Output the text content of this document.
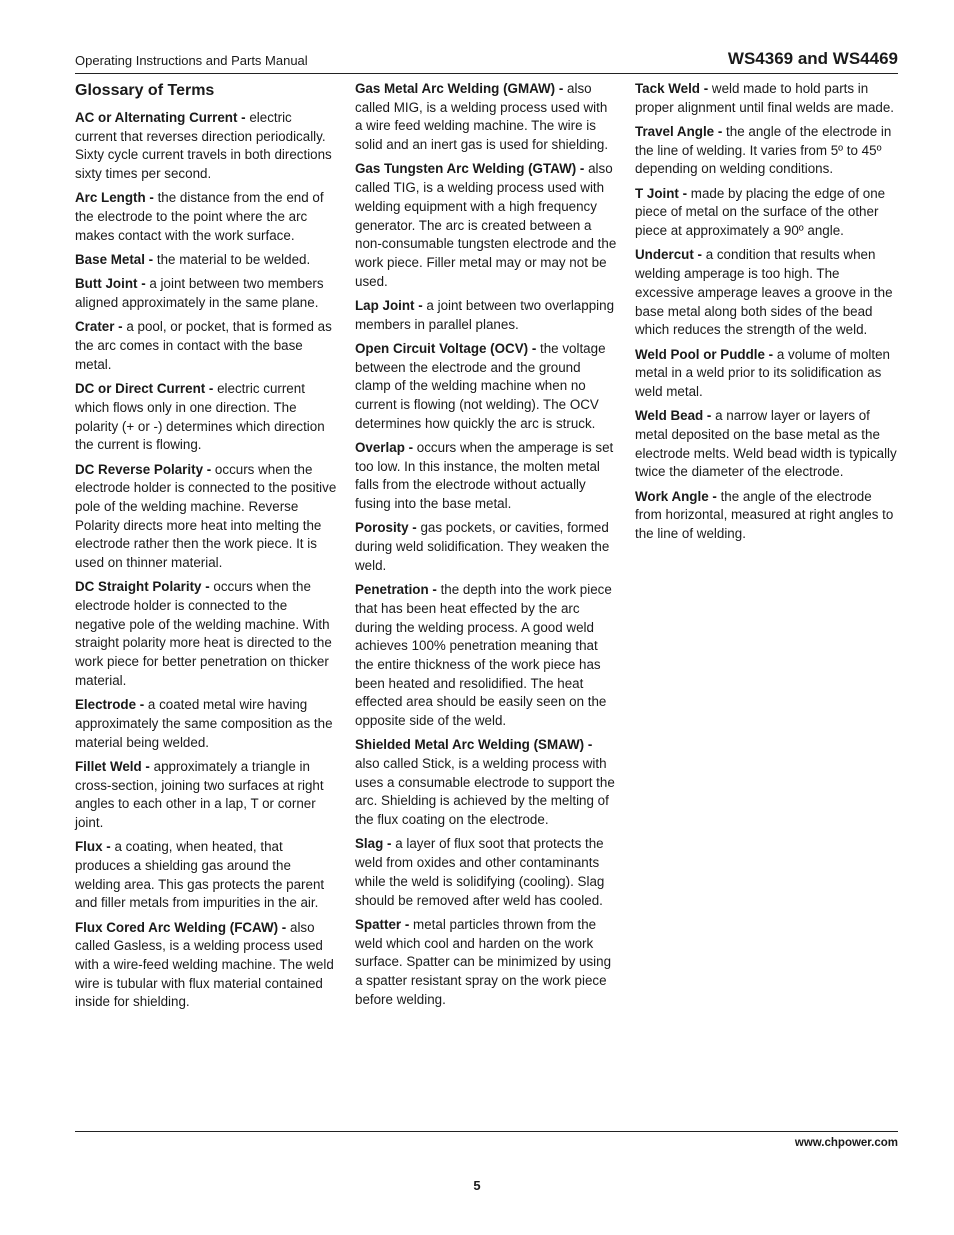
Operating Instructions and Parts Manual	WS4369 and WS4469
Glossary of Terms

AC or Alternating Current - electric current that reverses direction periodically. Sixty cycle current travels in both directions sixty times per second.

Arc Length - the distance from the end of the electrode to the point where the arc makes contact with the work surface.

Base Metal - the material to be welded.

Butt Joint - a joint between two members aligned approximately in the same plane.

Crater - a pool, or pocket, that is formed as the arc comes in contact with the base metal.

DC or Direct Current - electric current which flows only in one direction. The polarity (+ or -) determines which direction the current is flowing.

DC Reverse Polarity - occurs when the electrode holder is connected to the positive pole of the welding machine. Reverse Polarity directs more heat into melting the electrode rather then the work piece. It is used on thinner material.

DC Straight Polarity - occurs when the electrode holder is connected to the negative pole of the welding machine. With straight polarity more heat is directed to the work piece for better penetration on thicker material.

Electrode - a coated metal wire having approximately the same composition as the material being welded.

Fillet Weld - approximately a triangle in cross-section, joining two surfaces at right angles to each other in a lap, T or corner joint.

Flux - a coating, when heated, that produces a shielding gas around the welding area. This gas protects the parent and filler metals from impurities in the air.

Flux Cored Arc Welding (FCAW) - also called Gasless, is a welding process used with a wire-feed welding machine. The weld wire is tubular with flux material contained inside for shielding.

Gas Metal Arc Welding (GMAW) - also called MIG, is a welding process used with a wire feed welding machine. The wire is solid and an inert gas is used for shielding.

Gas Tungsten Arc Welding (GTAW) - also called TIG, is a welding process used with welding equipment with a high frequency generator. The arc is created between a non-consumable tungsten electrode and the work piece. Filler metal may or may not be used.

Lap Joint - a joint between two overlapping members in parallel planes.

Open Circuit Voltage (OCV) - the voltage between the electrode and the ground clamp of the welding machine when no current is flowing (not welding). The OCV determines how quickly the arc is struck.

Overlap - occurs when the amperage is set too low. In this instance, the molten metal falls from the electrode without actually fusing into the base metal.

Porosity - gas pockets, or cavities, formed during weld solidification. They weaken the weld.

Penetration - the depth into the work piece that has been heat effected by the arc during the welding process. A good weld achieves 100% penetration meaning that the entire thickness of the work piece has been heated and resolidified. The heat effected area should be easily seen on the opposite side of the weld.

Shielded Metal Arc Welding (SMAW) - also called Stick, is a welding process with uses a consumable electrode to support the arc. Shielding is achieved by the melting of the flux coating on the electrode.

Slag - a layer of flux soot that protects the weld from oxides and other contaminants while the weld is solidifying (cooling). Slag should be removed after weld has cooled.

Spatter - metal particles thrown from the weld which cool and harden on the work surface. Spatter can be minimized by using a spatter resistant spray on the work piece before welding.

Tack Weld - weld made to hold parts in proper alignment until final welds are made.

Travel Angle - the angle of the electrode in the line of welding. It varies from 5º to 45º depending on welding conditions.

T Joint - made by placing the edge of one piece of metal on the surface of the other piece at approximately a 90º angle.

Undercut - a condition that results when welding amperage is too high. The excessive amperage leaves a groove in the base metal along both sides of the bead which reduces the strength of the weld.

Weld Pool or Puddle - a volume of molten metal in a weld prior to its solidification as weld metal.

Weld Bead - a narrow layer or layers of metal deposited on the base metal as the electrode melts. Weld bead width is typically twice the diameter of the electrode.

Work Angle - the angle of the electrode from horizontal, measured at right angles to the line of welding.

www.chpower.com
5
